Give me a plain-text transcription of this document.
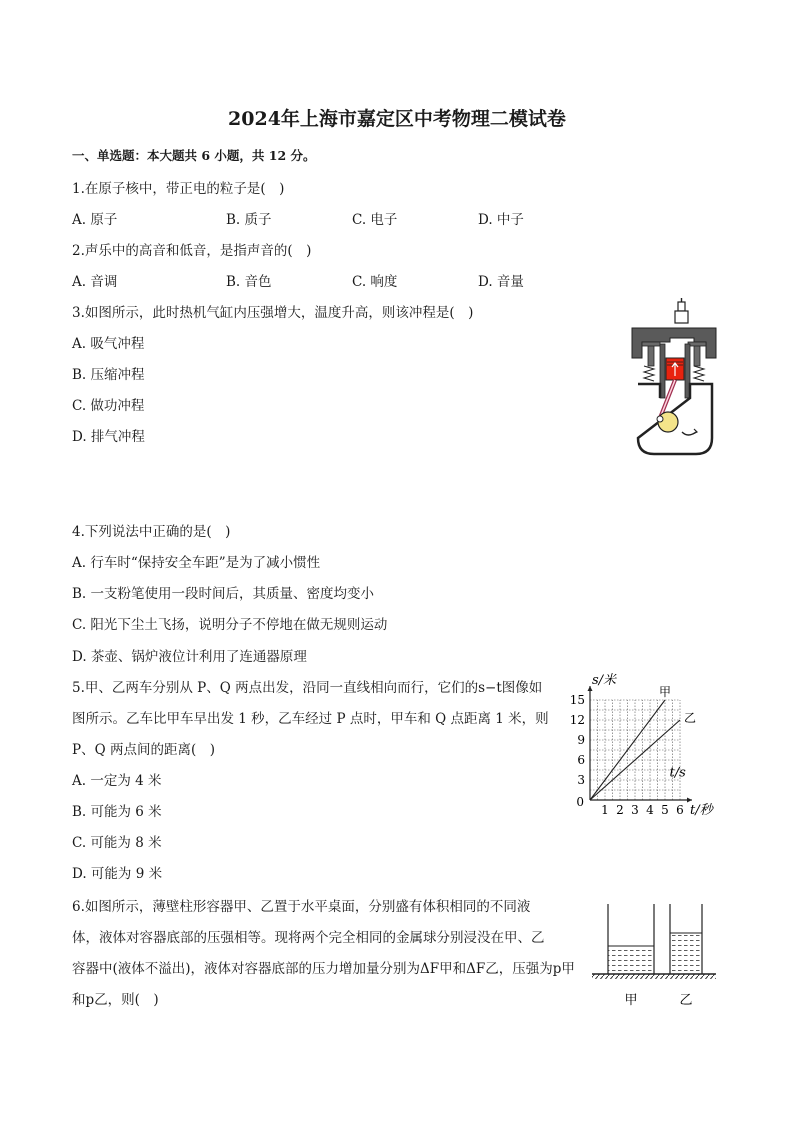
2024年上海市嘉定区中考物理二模试卷
一、单选题：本大题共 6 小题，共 12 分。
1.在原子核中，带正电的粒子是(　)
A. 原子	B. 质子	C. 电子	D. 中子
2.声乐中的高音和低音，是指声音的(　)
A. 音调	B. 音色	C. 响度	D. 音量
3.如图所示，此时热机气缸内压强增大，温度升高，则该冲程是(　)
A. 吸气冲程
B. 压缩冲程
C. 做功冲程
D. 排气冲程
4.下列说法中正确的是(　)
A. 行车时“保持安全车距”是为了减小惯性
B. 一支粉笔使用一段时间后，其质量、密度均变小
C. 阳光下尘土飞扬，说明分子不停地在做无规则运动
D. 茶壶、锅炉液位计利用了连通器原理
5.甲、乙两车分别从 P、Q 两点出发，沿同一直线相向而行，它们的s−t图像如
图所示。乙车比甲车早出发 1 秒，乙车经过 P 点时，甲车和 Q 点距离 1 米，则
P、Q 两点间的距离(　)
A. 一定为 4 米
B. 可能为 6 米
C. 可能为 8 米
D. 可能为 9 米
甲
乙
1 2 3 4 5 6
3
6
9
12
15
0
s/米
t/秒
t/s
6.如图所示，薄壁柱形容器甲、乙置于水平桌面，分别盛有体积相同的不同液
体，液体对容器底部的压强相等。现将两个完全相同的金属球分别浸没在甲、乙
容器中(液体不溢出)，液体对容器底部的压力增加量分别为ΔF甲和ΔF乙，压强为p甲
和p乙，则(　)	甲	乙
